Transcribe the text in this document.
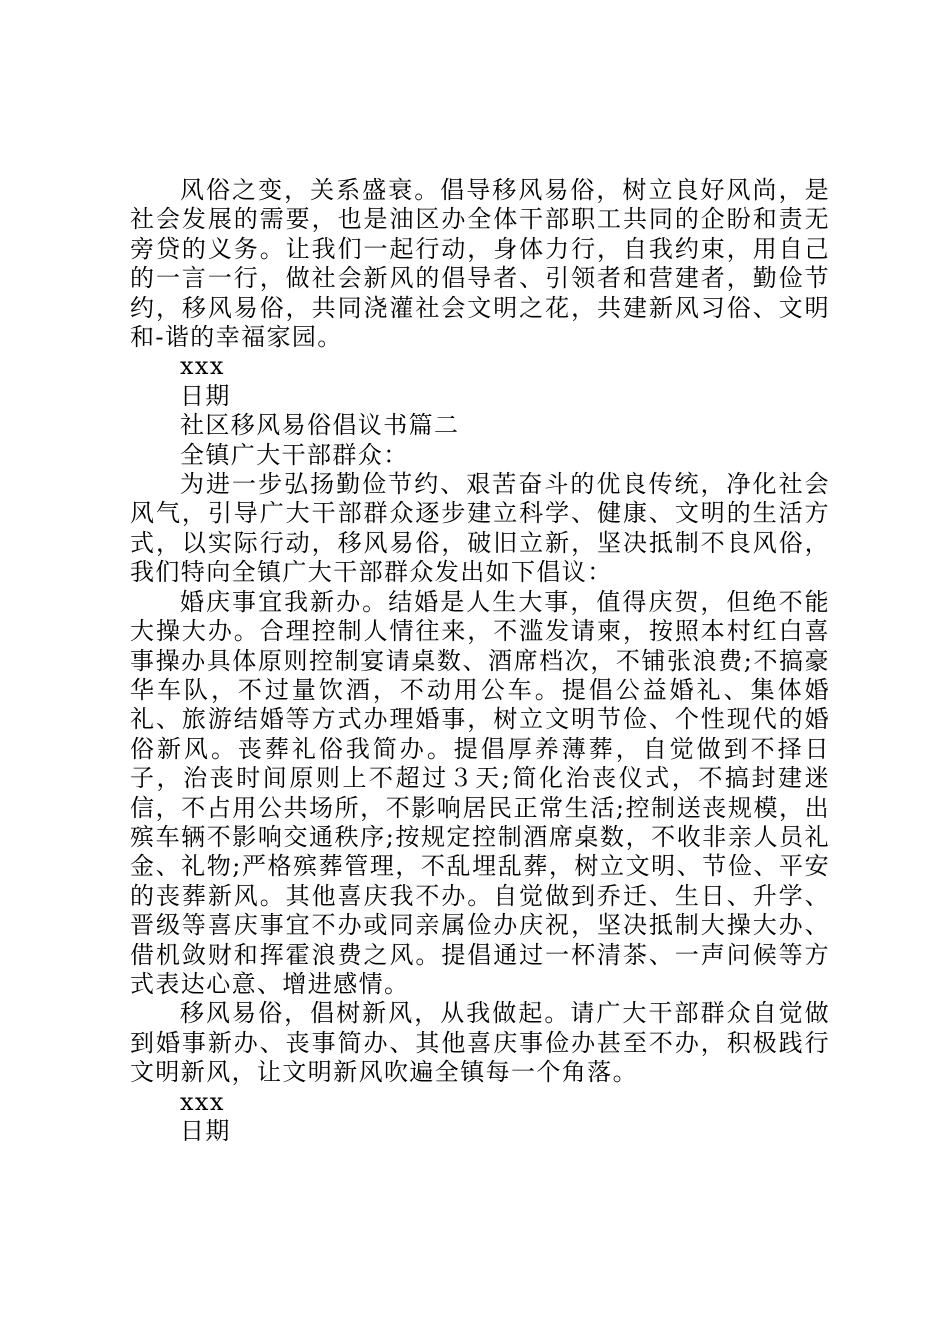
风俗之变，关系盛衰。倡导移风易俗，树立良好风尚，是社会发展的需要，也是油区办全体干部职工共同的企盼和责无旁贷的义务。让我们一起行动，身体力行，自我约束，用自己的一言一行，做社会新风的倡导者、引领者和营建者，勤俭节约，移风易俗，共同浇灌社会文明之花，共建新风习俗、文明和-谐的幸福家园。

xxx

日期

社区移风易俗倡议书篇二

全镇广大干部群众：

为进一步弘扬勤俭节约、艰苦奋斗的优良传统，净化社会风气，引导广大干部群众逐步建立科学、健康、文明的生活方式，以实际行动，移风易俗，破旧立新，坚决抵制不良风俗，我们特向全镇广大干部群众发出如下倡议：

婚庆事宜我新办。结婚是人生大事，值得庆贺，但绝不能大操大办。合理控制人情往来，不滥发请柬，按照本村红白喜事操办具体原则控制宴请桌数、酒席档次，不铺张浪费;不搞豪华车队，不过量饮酒，不动用公车。提倡公益婚礼、集体婚礼、旅游结婚等方式办理婚事，树立文明节俭、个性现代的婚俗新风。丧葬礼俗我简办。提倡厚养薄葬，自觉做到不择日子，治丧时间原则上不超过３天;简化治丧仪式，不搞封建迷信，不占用公共场所，不影响居民正常生活;控制送丧规模，出殡车辆不影响交通秩序;按规定控制酒席桌数，不收非亲人员礼金、礼物;严格殡葬管理，不乱埋乱葬，树立文明、节俭、平安的丧葬新风。其他喜庆我不办。自觉做到乔迁、生日、升学、晋级等喜庆事宜不办或同亲属俭办庆祝，坚决抵制大操大办、借机敛财和挥霍浪费之风。提倡通过一杯清茶、一声问候等方式表达心意、增进感情。

移风易俗，倡树新风，从我做起。请广大干部群众自觉做到婚事新办、丧事简办、其他喜庆事俭办甚至不办，积极践行文明新风，让文明新风吹遍全镇每一个角落。

xxx

日期
